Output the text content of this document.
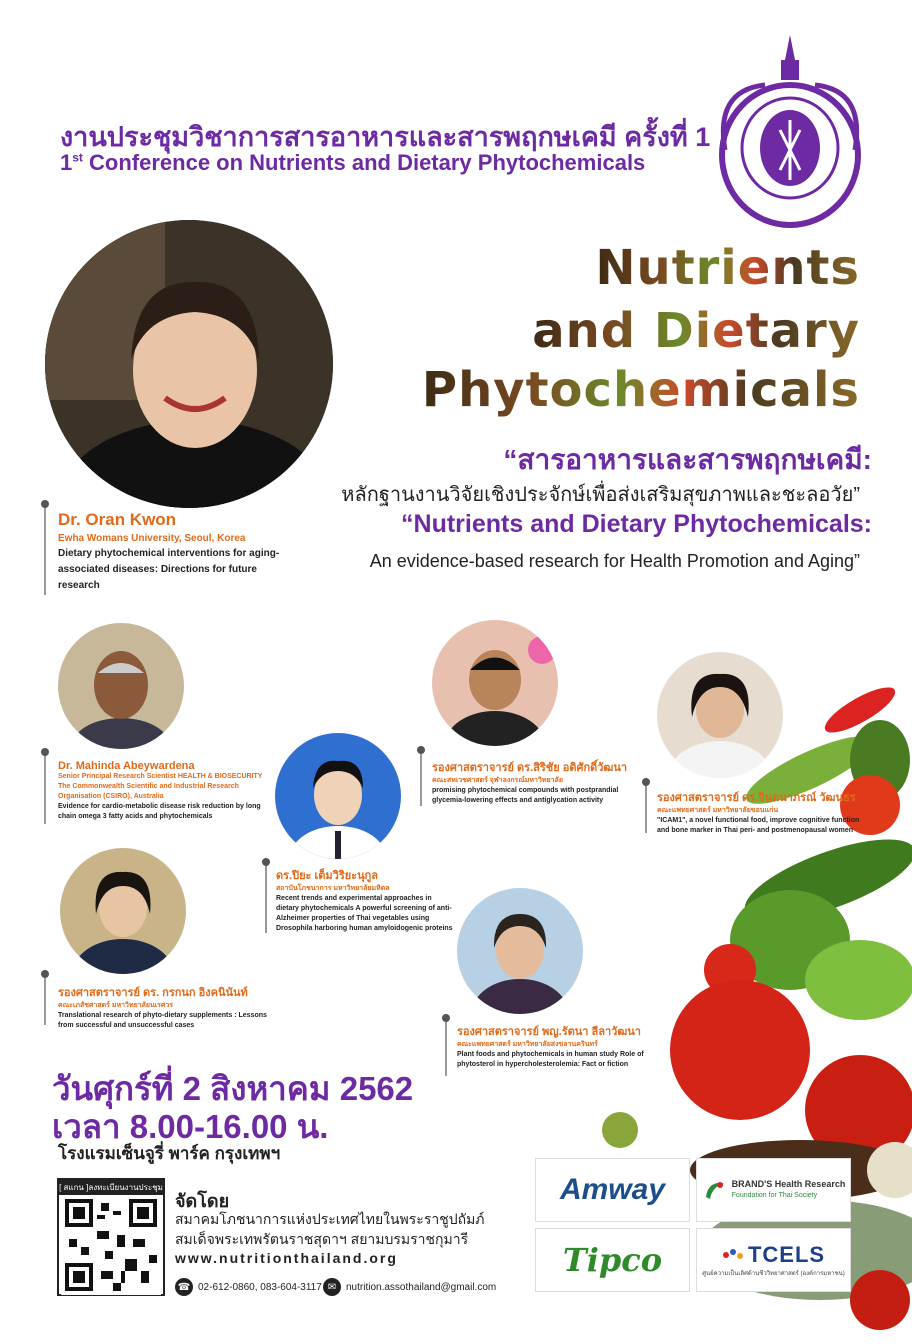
งานประชุมวิชาการสารอาหารและสารพฤกษเคมี ครั้งที่ 1
1st Conference on Nutrients and Dietary Phytochemicals
Nutrients
and Dietary
Phytochemicals
“สารอาหารและสารพฤกษเคมี:
หลักฐานงานวิจัยเชิงประจักษ์เพื่อส่งเสริมสุขภาพและชะลอวัย”
“Nutrients and Dietary Phytochemicals:
An evidence-based research for Health Promotion and Aging”
Dr. Oran Kwon
Ewha Womans University, Seoul, Korea
Dietary phytochemical interventions for aging-associated diseases: Directions for future research
Dr. Mahinda Abeywardena
Senior Principal Research Scientist HEALTH & BIOSECURITY The Commonwealth Scientific and Industrial Research Organisation (CSIRO), Australia
Evidence for cardio-metabolic disease risk reduction by long chain omega 3 fatty acids and phytochemicals
ดร.ปิยะ เต็มวิริยะนุกูล
สถาบันโภชนาการ มหาวิทยาลัยมหิดล
Recent trends and experimental approaches in dietary phytochemicals A powerful screening of anti-Alzheimer properties of Thai vegetables using Drosophila harboring human amyloidogenic proteins
รองศาสตราจารย์ ดร.สิริชัย อดิศักดิ์วัฒนา
คณะสหเวชศาสตร์ จุฬาลงกรณ์มหาวิทยาลัย
promising phytochemical compounds with postprandial glycemia-lowering effects and antiglycation activity	รองศาสตราจารย์ ดร.จินตนาภรณ์ วัฒนธร
คณะแพทยศาสตร์ มหาวิทยาลัยขอนแก่น
"ICAM1", a novel functional food, improve cognitive function and bone marker in Thai peri- and postmenopausal women
รองศาสตราจารย์ ดร. กรกนก อิงคนินันท์
คณะเภสัชศาสตร์ มหาวิทยาลัยนเรศวร
Translational research of phyto-dietary supplements : Lessons from successful and unsuccessful cases
รองศาสตราจารย์ พญ.รัตนา ลีลาวัฒนา
คณะแพทยศาสตร์ มหาวิทยาลัยสงขลานครินทร์
Plant foods and phytochemicals in human study Role of phytosterol in hypercholesterolemia: Fact or fiction
วันศุกร์ที่ 2 สิงหาคม 2562
เวลา 8.00-16.00 น.
โรงแรมเซ็นจูรี่ พาร์ค กรุงเทพฯ
[ สแกน ]ลงทะเบียนงานประชุม
จัดโดย
สมาคมโภชนาการแห่งประเทศไทยในพระราชูปถัมภ์
สมเด็จพระเทพรัตนราชสุดาฯ สยามบรมราชกุมารี
www.nutritionthailand.org
☎ 02-612-0860, 083-604-3117 ✉ nutrition.assothailand@gmail.com
Amway	BRAND'S Health Research
Foundation for Thai Society
Tipco	TCELS
ศูนย์ความเป็นเลิศด้านชีววิทยาศาสตร์ (องค์การมหาชน)
